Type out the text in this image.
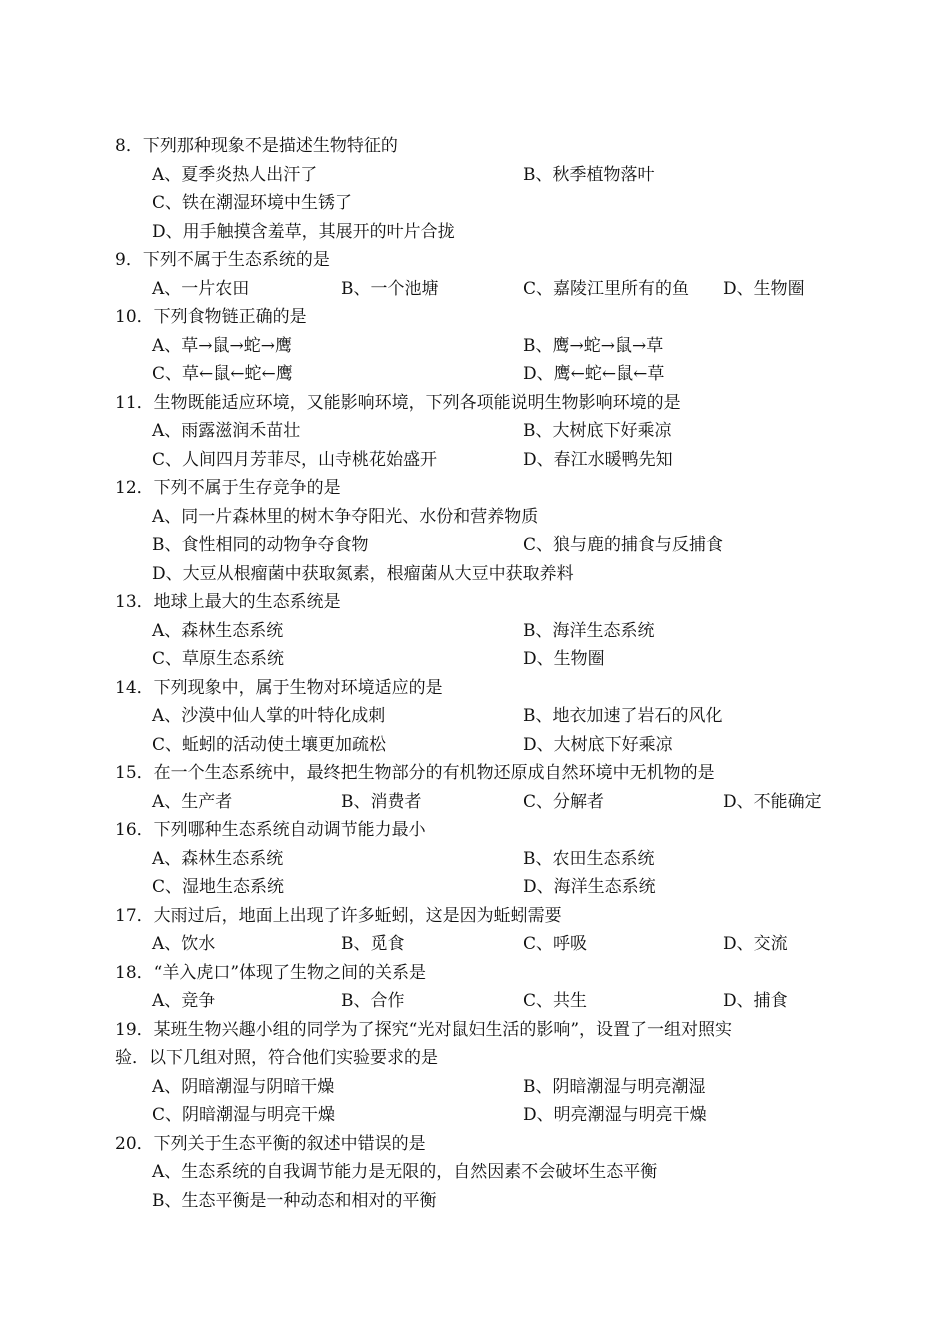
8．下列那种现象不是描述生物特征的
A、夏季炎热人出汗了	B、秋季植物落叶
C、铁在潮湿环境中生锈了
D、用手触摸含羞草，其展开的叶片合拢
9．下列不属于生态系统的是
A、一片农田	B、一个池塘	C、嘉陵江里所有的鱼 D、生物圈
10．下列食物链正确的是
A、草→鼠→蛇→鹰	B、鹰→蛇→鼠→草
C、草←鼠←蛇←鹰	D、鹰←蛇←鼠←草
11．生物既能适应环境，又能影响环境，下列各项能说明生物影响环境的是
A、雨露滋润禾苗壮	B、大树底下好乘凉
C、人间四月芳菲尽，山寺桃花始盛开	D、春江水暖鸭先知
12．下列不属于生存竞争的是
A、同一片森林里的树木争夺阳光、水份和营养物质
B、食性相同的动物争夺食物	C、狼与鹿的捕食与反捕食
D、大豆从根瘤菌中获取氮素，根瘤菌从大豆中获取养料
13．地球上最大的生态系统是
A、森林生态系统	B、海洋生态系统
C、草原生态系统	D、生物圈
14．下列现象中，属于生物对环境适应的是
A、沙漠中仙人掌的叶特化成刺	B、地衣加速了岩石的风化
C、蚯蚓的活动使土壤更加疏松	D、大树底下好乘凉
15．在一个生态系统中，最终把生物部分的有机物还原成自然环境中无机物的是
A、生产者	B、消费者	C、分解者	D、不能确定
16．下列哪种生态系统自动调节能力最小
A、森林生态系统	B、农田生态系统
C、湿地生态系统	D、海洋生态系统
17．大雨过后，地面上出现了许多蚯蚓，这是因为蚯蚓需要
A、饮水	B、觅食	C、呼吸	D、交流
18．“羊入虎口”体现了生物之间的关系是
A、竞争	B、合作	C、共生	D、捕食
19．某班生物兴趣小组的同学为了探究“光对鼠妇生活的影响”，设置了一组对照实
验．以下几组对照，符合他们实验要求的是
A、阴暗潮湿与阴暗干燥	B、阴暗潮湿与明亮潮湿
C、阴暗潮湿与明亮干燥	D、明亮潮湿与明亮干燥
20．下列关于生态平衡的叙述中错误的是
A、生态系统的自我调节能力是无限的，自然因素不会破坏生态平衡
B、生态平衡是一种动态和相对的平衡
